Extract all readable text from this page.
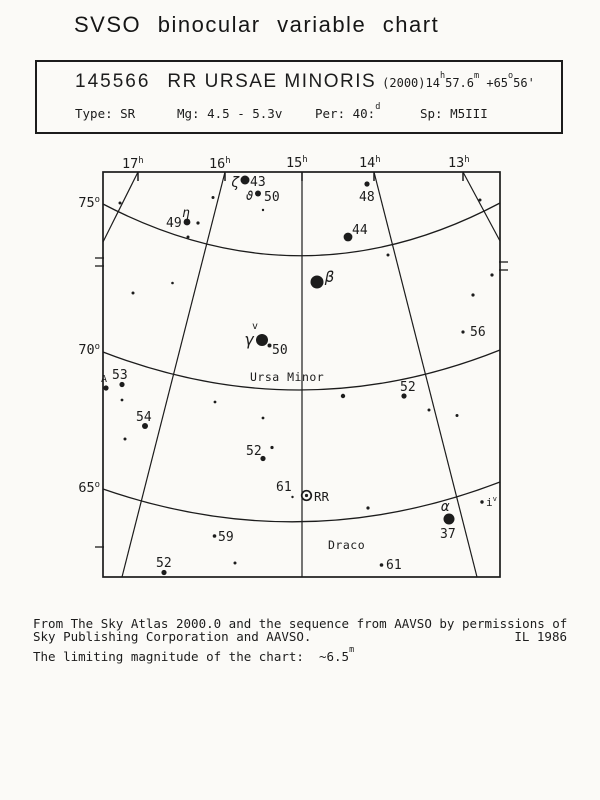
SVSO binocular variable chart
145566 RR URSAE MINORIS $(2000)14^h57.6^m +65^o56'$
Type: SR	Mg: 4.5 - 5.3v	Per: 40:$^d$	Sp: M5III
17$^h$	16$^h$	15$^h$	14$^h$	13$^h$
75$^o$
70$^o$
65$^o$
ζ 43
ϑ 50	48
η
49	44
β
v
γ
50
56
A 53
54
52
Ursa Minor
52
61
RR
59	Draco
α
37
$i^v$
52	61
From The Sky Atlas 2000.0 and the sequence from AAVSO by permissions of
Sky Publishing Corporation and AAVSO.	IL 1986
The limiting magnitude of the chart:  ~6.5$^m$
